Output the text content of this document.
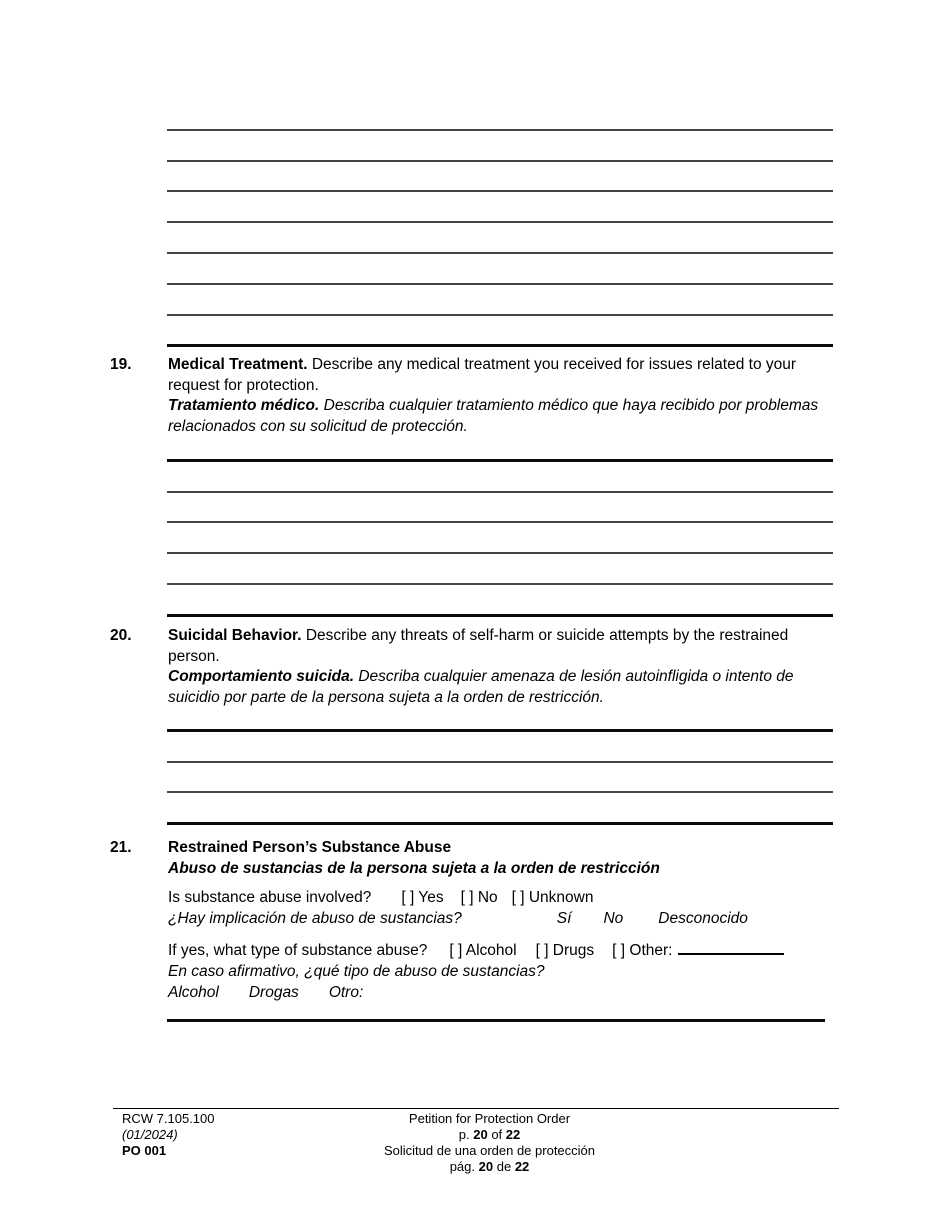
19. Medical Treatment. Describe any medical treatment you received for issues related to your request for protection.
Tratamiento médico. Describa cualquier tratamiento médico que haya recibido por problemas relacionados con su solicitud de protección.
20. Suicidal Behavior. Describe any threats of self-harm or suicide attempts by the restrained person.
Comportamiento suicida. Describa cualquier amenaza de lesión autoinfligida o intento de suicidio por parte de la persona sujeta a la orden de restricción.
21. Restrained Person’s Substance Abuse
Abuso de sustancias de la persona sujeta a la orden de restricción
Is substance abuse involved? [ ] Yes [ ] No [ ] Unknown
¿Hay implicación de abuso de sustancias?	Sí No Desconocido
If yes, what type of substance abuse? [ ] Alcohol [ ] Drugs [ ] Other:
En caso afirmativo, ¿qué tipo de abuso de sustancias?
Alcohol Drogas Otro:
RCW 7.105.100
(01/2024)
PO 001
Petition for Protection Order
p. 20 of 22
Solicitud de una orden de protección
pág. 20 de 22
